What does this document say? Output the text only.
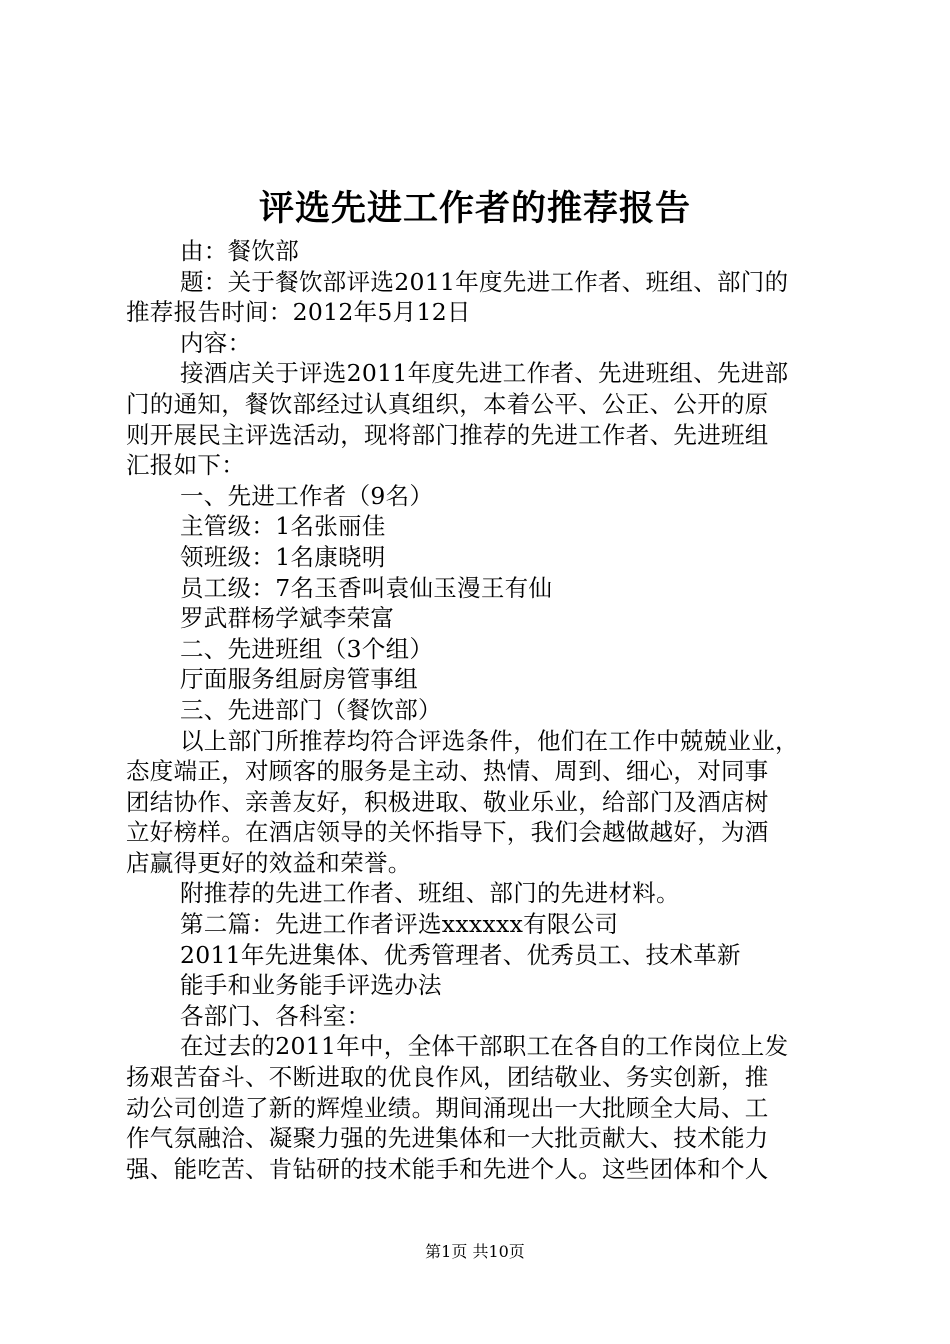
评选先进工作者的推荐报告
由：餐饮部
题：关于餐饮部评选2011年度先进工作者、班组、部门的
推荐报告时间：2012年5月12日
内容：
接酒店关于评选2011年度先进工作者、先进班组、先进部
门的通知，餐饮部经过认真组织，本着公平、公正、公开的原
则开展民主评选活动，现将部门推荐的先进工作者、先进班组
汇报如下：
一、先进工作者（9名）
主管级：1名张丽佳
领班级：1名康晓明
员工级：7名玉香叫袁仙玉漫王有仙
罗武群杨学斌李荣富
二、先进班组（3个组）
厅面服务组厨房管事组
三、先进部门（餐饮部）
以上部门所推荐均符合评选条件，他们在工作中兢兢业业，
态度端正，对顾客的服务是主动、热情、周到、细心，对同事
团结协作、亲善友好，积极进取、敬业乐业，给部门及酒店树
立好榜样。在酒店领导的关怀指导下，我们会越做越好，为酒
店赢得更好的效益和荣誉。
附推荐的先进工作者、班组、部门的先进材料。
第二篇：先进工作者评选xxxxxx有限公司
2011年先进集体、优秀管理者、优秀员工、技术革新
能手和业务能手评选办法
各部门、各科室：
在过去的2011年中，全体干部职工在各自的工作岗位上发
扬艰苦奋斗、不断进取的优良作风，团结敬业、务实创新，推
动公司创造了新的辉煌业绩。期间涌现出一大批顾全大局、工
作气氛融洽、凝聚力强的先进集体和一大批贡献大、技术能力
强、能吃苦、肯钻研的技术能手和先进个人。这些团体和个人
第1页 共10页
